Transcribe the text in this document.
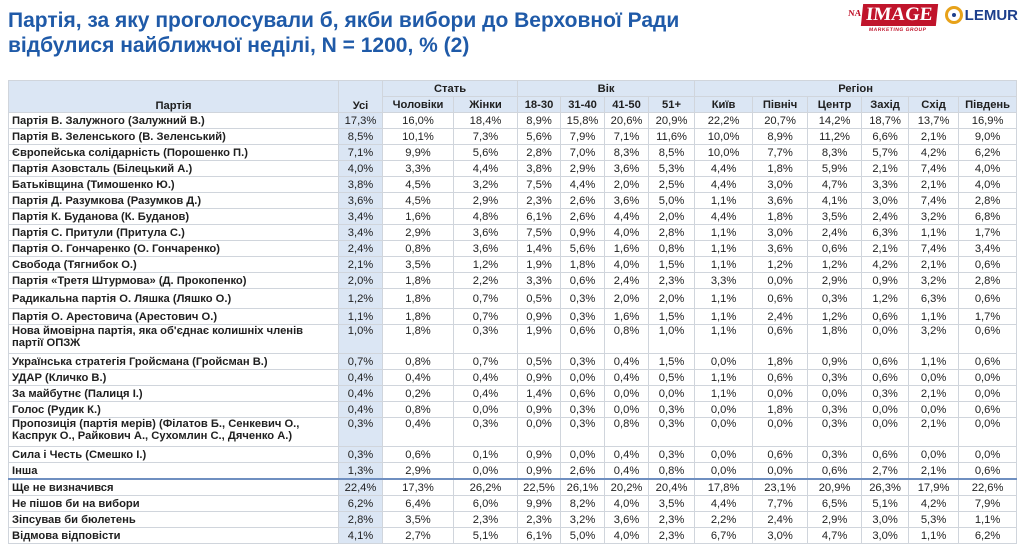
Партія, за яку проголосували б, якби вибори до Верховної Ради
відбулися найближчої неділі, N = 1200, % (2)
NA IMAGE
MARKETING GROUP
LEMUR
Партія	Усі	Стать		Вік				Регіон					
		Чоловіки	Жінки	18-30	31-40	41-50	51+	Київ	Північ	Центр	Захід	Схід	Південь
Партія В. Залужного (Залужний В.)	17,3%	16,0%	18,4%	8,9%	15,8%	20,6%	20,9%	22,2%	20,7%	14,2%	18,7%	13,7%	16,9%
Партія В. Зеленського (В. Зеленський)	8,5%	10,1%	7,3%	5,6%	7,9%	7,1%	11,6%	10,0%	8,9%	11,2%	6,6%	2,1%	9,0%
Європейська солідарність (Порошенко П.)	7,1%	9,9%	5,6%	2,8%	7,0%	8,3%	8,5%	10,0%	7,7%	8,3%	5,7%	4,2%	6,2%
Партія Азовсталь (Білецький А.)	4,0%	3,3%	4,4%	3,8%	2,9%	3,6%	5,3%	4,4%	1,8%	5,9%	2,1%	7,4%	4,0%
Батьківщина (Тимошенко Ю.)	3,8%	4,5%	3,2%	7,5%	4,4%	2,0%	2,5%	4,4%	3,0%	4,7%	3,3%	2,1%	4,0%
Партія Д. Разумкова (Разумков Д.)	3,6%	4,5%	2,9%	2,3%	2,6%	3,6%	5,0%	1,1%	3,6%	4,1%	3,0%	7,4%	2,8%
Партія К. Буданова (К. Буданов)	3,4%	1,6%	4,8%	6,1%	2,6%	4,4%	2,0%	4,4%	1,8%	3,5%	2,4%	3,2%	6,8%
Партія С. Притули (Притула С.)	3,4%	2,9%	3,6%	7,5%	0,9%	4,0%	2,8%	1,1%	3,0%	2,4%	6,3%	1,1%	1,7%
Партія О. Гончаренко (О. Гончаренко)	2,4%	0,8%	3,6%	1,4%	5,6%	1,6%	0,8%	1,1%	3,6%	0,6%	2,1%	7,4%	3,4%
Свобода (Тягнибок О.)	2,1%	3,5%	1,2%	1,9%	1,8%	4,0%	1,5%	1,1%	1,2%	1,2%	4,2%	2,1%	0,6%
Партія «Третя Штурмова» (Д. Прокопенко)	2,0%	1,8%	2,2%	3,3%	0,6%	2,4%	2,3%	3,3%	0,0%	2,9%	0,9%	3,2%	2,8%
Радикальна партія О. Ляшка (Ляшко О.)	1,2%	1,8%	0,7%	0,5%	0,3%	2,0%	2,0%	1,1%	0,6%	0,3%	1,2%	6,3%	0,6%
Партія О. Арестовича (Арестович О.)	1,1%	1,8%	0,7%	0,9%	0,3%	1,6%	1,5%	1,1%	2,4%	1,2%	0,6%	1,1%	1,7%
Нова ймовірна партія, яка об'єднає колишніх членів партії ОПЗЖ	1,0%	1,8%	0,3%	1,9%	0,6%	0,8%	1,0%	1,1%	0,6%	1,8%	0,0%	3,2%	0,6%
Українська стратегія Гройсмана (Гройсман В.)	0,7%	0,8%	0,7%	0,5%	0,3%	0,4%	1,5%	0,0%	1,8%	0,9%	0,6%	1,1%	0,6%
УДАР (Кличко В.)	0,4%	0,4%	0,4%	0,9%	0,0%	0,4%	0,5%	1,1%	0,6%	0,3%	0,6%	0,0%	0,0%
За майбутнє (Палиця І.)	0,4%	0,2%	0,4%	1,4%	0,6%	0,0%	0,0%	1,1%	0,0%	0,0%	0,3%	2,1%	0,0%
Голос (Рудик К.)	0,4%	0,8%	0,0%	0,9%	0,3%	0,0%	0,3%	0,0%	1,8%	0,3%	0,0%	0,0%	0,6%
Пропозиція (партія мерів) (Філатов Б., Сенкевич О., Каспрук О., Райкович А., Сухомлин С., Дяченко А.)	0,3%	0,4%	0,3%	0,0%	0,3%	0,8%	0,3%	0,0%	0,0%	0,3%	0,0%	2,1%	0,0%
Сила і Честь (Смешко І.)	0,3%	0,6%	0,1%	0,9%	0,0%	0,4%	0,3%	0,0%	0,6%	0,3%	0,6%	0,0%	0,0%
Інша	1,3%	2,9%	0,0%	0,9%	2,6%	0,4%	0,8%	0,0%	0,0%	0,6%	2,7%	2,1%	0,6%
Ще не визначився	22,4%	17,3%	26,2%	22,5%	26,1%	20,2%	20,4%	17,8%	23,1%	20,9%	26,3%	17,9%	22,6%
Не пішов би на вибори	6,2%	6,4%	6,0%	9,9%	8,2%	4,0%	3,5%	4,4%	7,7%	6,5%	5,1%	4,2%	7,9%
Зіпсував би бюлетень	2,8%	3,5%	2,3%	2,3%	3,2%	3,6%	2,3%	2,2%	2,4%	2,9%	3,0%	5,3%	1,1%
Відмова відповісти	4,1%	2,7%	5,1%	6,1%	5,0%	4,0%	2,3%	6,7%	3,0%	4,7%	3,0%	1,1%	6,2%
